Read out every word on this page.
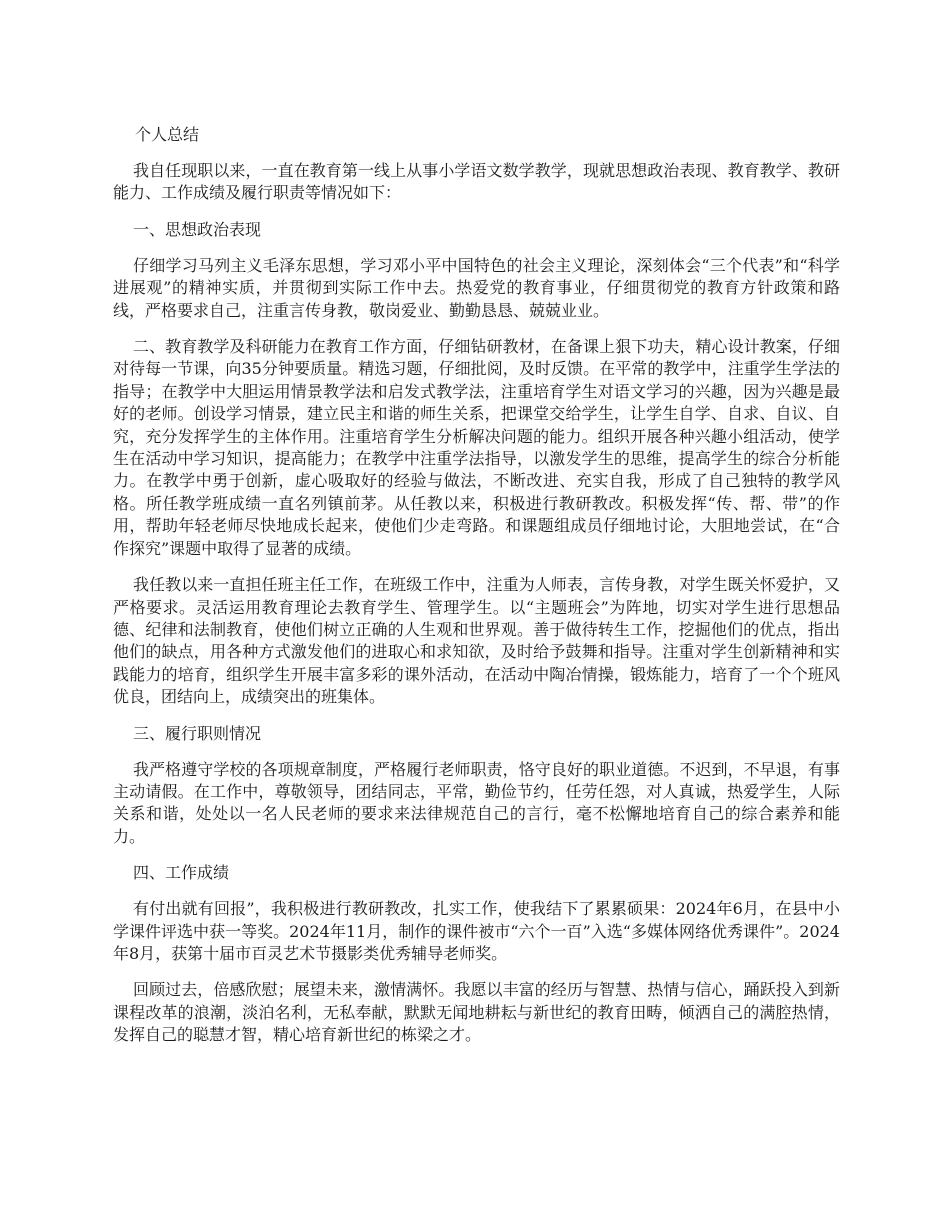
个人总结

我自任现职以来，一直在教育第一线上从事小学语文数学教学，现就思想政治表现、教育教学、教研能力、工作成绩及履行职责等情况如下：

一、思想政治表现

仔细学习马列主义毛泽东思想，学习邓小平中国特色的社会主义理论，深刻体会“三个代表”和“科学进展观”的精神实质，并贯彻到实际工作中去。热爱党的教育事业，仔细贯彻党的教育方针政策和路线，严格要求自己，注重言传身教，敬岗爱业、勤勤恳恳、兢兢业业。

二、教育教学及科研能力在教育工作方面，仔细钻研教材，在备课上狠下功夫，精心设计教案，仔细对待每一节课，向35分钟要质量。精选习题，仔细批阅，及时反馈。在平常的教学中，注重学生学法的指导；在教学中大胆运用情景教学法和启发式教学法，注重培育学生对语文学习的兴趣，因为兴趣是最好的老师。创设学习情景，建立民主和谐的师生关系，把课堂交给学生，让学生自学、自求、自议、自究，充分发挥学生的主体作用。注重培育学生分析解决问题的能力。组织开展各种兴趣小组活动，使学生在活动中学习知识，提高能力；在教学中注重学法指导，以激发学生的思维，提高学生的综合分析能力。在教学中勇于创新，虚心吸取好的经验与做法，不断改进、充实自我，形成了自己独特的教学风格。所任教学班成绩一直名列镇前茅。从任教以来，积极进行教研教改。积极发挥“传、帮、带”的作用，帮助年轻老师尽快地成长起来，使他们少走弯路。和课题组成员仔细地讨论，大胆地尝试，在“合作探究”课题中取得了显著的成绩。

我任教以来一直担任班主任工作，在班级工作中，注重为人师表，言传身教，对学生既关怀爱护，又严格要求。灵活运用教育理论去教育学生、管理学生。以“主题班会”为阵地，切实对学生进行思想品德、纪律和法制教育，使他们树立正确的人生观和世界观。善于做待转生工作，挖掘他们的优点，指出他们的缺点，用各种方式激发他们的进取心和求知欲，及时给予鼓舞和指导。注重对学生创新精神和实践能力的培育，组织学生开展丰富多彩的课外活动，在活动中陶冶情操，锻炼能力，培育了一个个班风优良，团结向上，成绩突出的班集体。

三、履行职则情况

我严格遵守学校的各项规章制度，严格履行老师职责，恪守良好的职业道德。不迟到，不早退，有事主动请假。在工作中，尊敬领导，团结同志，平常，勤俭节约，任劳任怨，对人真诚，热爱学生，人际关系和谐，处处以一名人民老师的要求来法律规范自己的言行，毫不松懈地培育自己的综合素养和能力。

四、工作成绩

有付出就有回报”，我积极进行教研教改，扎实工作，使我结下了累累硕果：2024年6月，在县中小学课件评选中获一等奖。2024年11月，制作的课件被市“六个一百”入选“多媒体网络优秀课件”。2024年8月，获第十届市百灵艺术节摄影类优秀辅导老师奖。

回顾过去，倍感欣慰；展望未来，激情满怀。我愿以丰富的经历与智慧、热情与信心，踊跃投入到新课程改革的浪潮，淡泊名利，无私奉献，默默无闻地耕耘与新世纪的教育田畴，倾洒自己的满腔热情，发挥自己的聪慧才智，精心培育新世纪的栋梁之才。
